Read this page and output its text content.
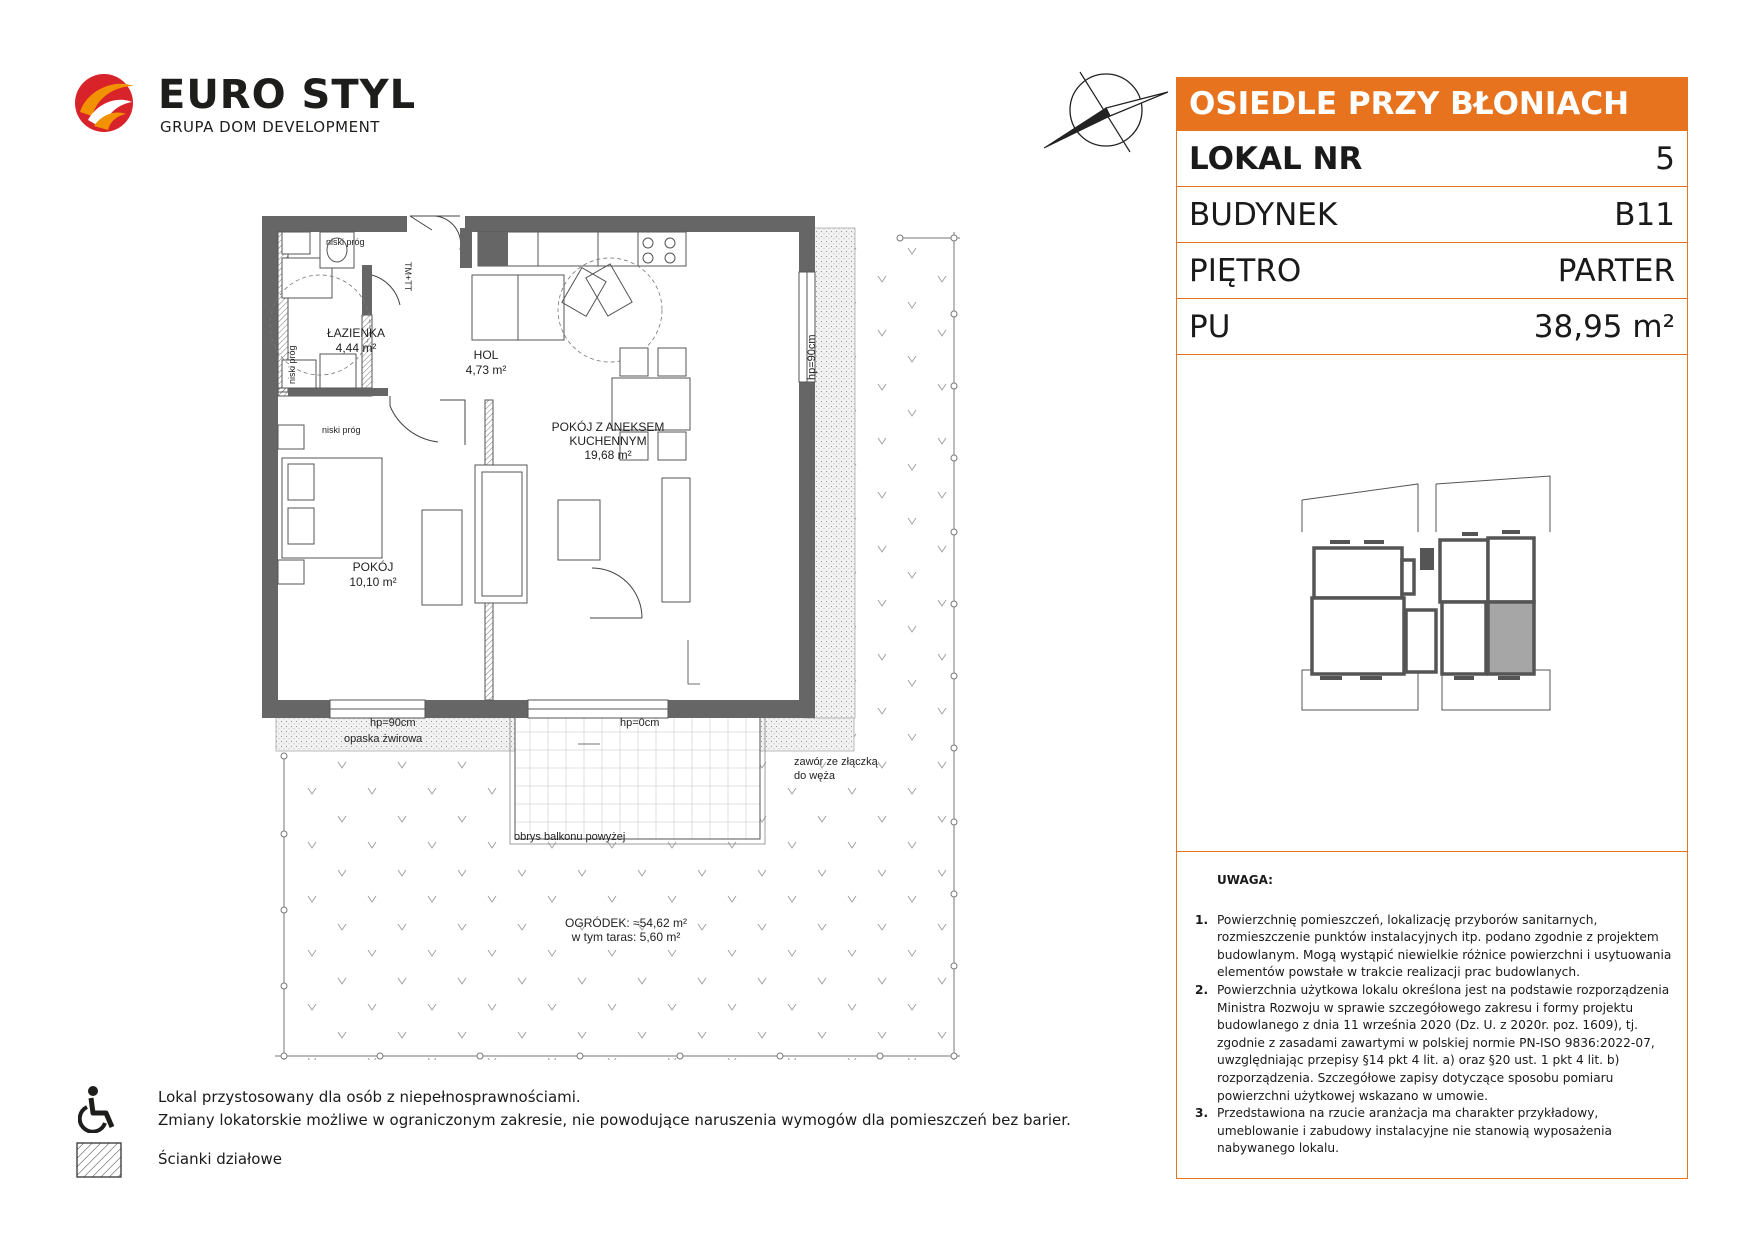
EURO STYL
GRUPA DOM DEVELOPMENT
OSIEDLE PRZY BŁONIACH
LOKAL NR	5
BUDYNEK	B11
PIĘTRO	PARTER
PU	38,95 m²
UWAGA:
1. Powierzchnię pomieszczeń, lokalizację przyborów sanitarnych, rozmieszczenie punktów instalacyjnych itp. podano zgodnie z projektem budowlanym. Mogą wystąpić niewielkie różnice powierzchni i usytuowania elementów powstałe w trakcie realizacji prac budowlanych.
2. Powierzchnia użytkowa lokalu określona jest na podstawie rozporządzenia Ministra Rozwoju w sprawie szczegółowego zakresu i formy projektu budowlanego z dnia 11 września 2020 (Dz. U. z 2020r. poz. 1609), tj. zgodnie z zasadami zawartymi w polskiej normie PN-ISO 9836:2022-07, uwzględniając przepisy §14 pkt 4 lit. a) oraz §20 ust. 1 pkt 4 lit. b) rozporządzenia. Szczegółowe zapisy dotyczące sposobu pomiaru powierzchni użytkowej wskazano w umowie.
3. Przedstawiona na rzucie aranżacja ma charakter przykładowy, umeblowanie i zabudowy instalacyjne nie stanowią wyposażenia nabywanego lokalu.
Lokal przystosowany dla osób z niepełnosprawnościami.
Zmiany lokatorskie możliwe w ograniczonym zakresie, nie powodujące naruszenia wymogów dla pomieszczeń bez barier.
Ścianki działowe
ŁAZIENKA
4,44 m²	HOL
4,73 m²
POKÓJ Z ANEKSEM
KUCHENNYM
19,68 m²
POKÓJ
10,10 m²
niski próg
niski próg
niski próg
TM+TT
hp=90cm
hp=90cm	hp=0cm
opaska żwirowa
zawór ze złączką
do węża
obrys balkonu powyżej
OGRÓDEK: ≈54,62 m²
w tym taras: 5,60 m²
